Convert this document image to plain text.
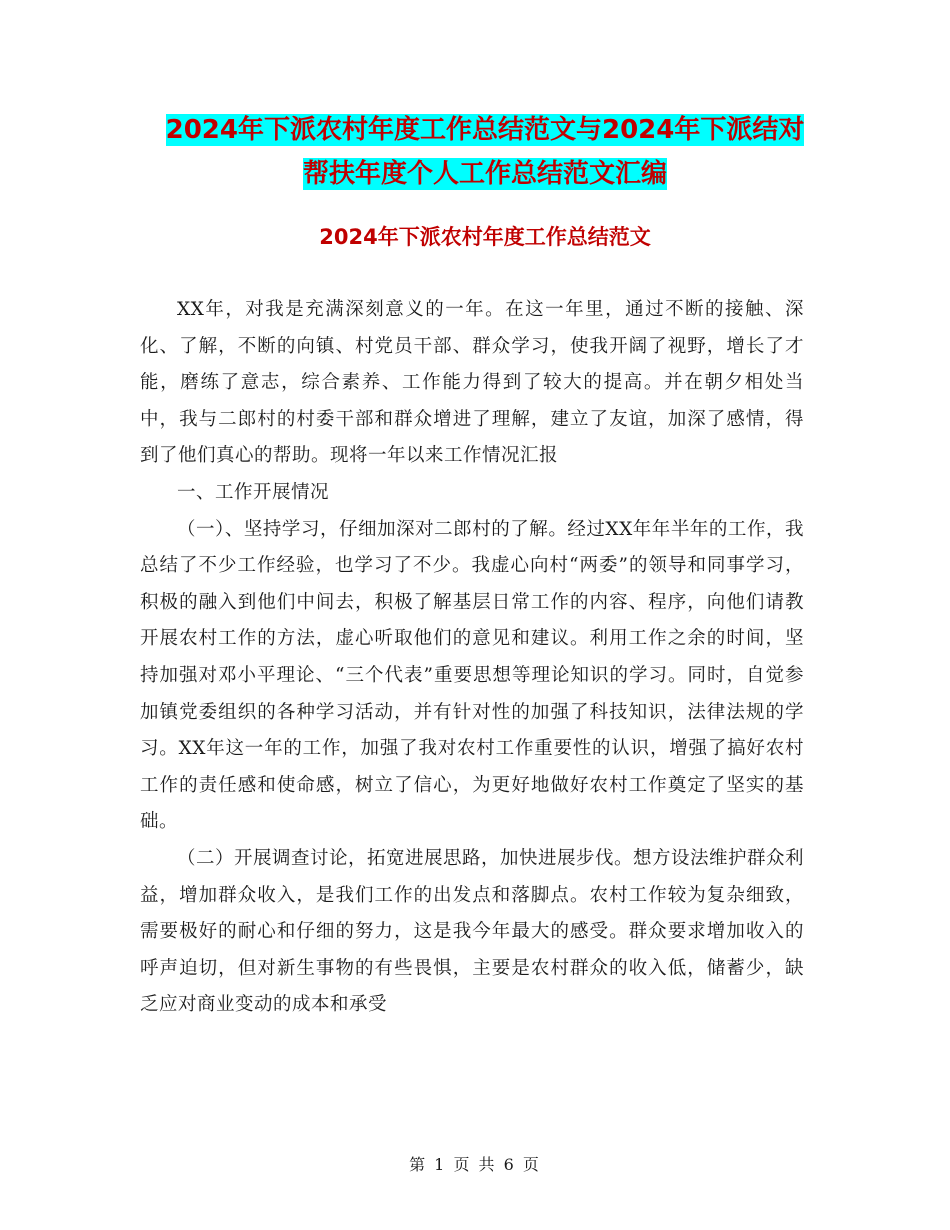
2024年下派农村年度工作总结范文与2024年下派结对
帮扶年度个人工作总结范文汇编
2024年下派农村年度工作总结范文

XX年，对我是充满深刻意义的一年。在这一年里，通过不断的接触、深化、了解，不断的向镇、村党员干部、群众学习，使我开阔了视野，增长了才能，磨练了意志，综合素养、工作能力得到了较大的提高。并在朝夕相处当中，我与二郎村的村委干部和群众增进了理解，建立了友谊，加深了感情，得到了他们真心的帮助。现将一年以来工作情况汇报

一、工作开展情况

（一）、坚持学习，仔细加深对二郎村的了解。经过XX年年半年的工作，我总结了不少工作经验，也学习了不少。我虚心向村“两委”的领导和同事学习，积极的融入到他们中间去，积极了解基层日常工作的内容、程序，向他们请教开展农村工作的方法，虚心听取他们的意见和建议。利用工作之余的时间，坚持加强对邓小平理论、“三个代表”重要思想等理论知识的学习。同时，自觉参加镇党委组织的各种学习活动，并有针对性的加强了科技知识，法律法规的学习。XX年这一年的工作，加强了我对农村工作重要性的认识，增强了搞好农村工作的责任感和使命感，树立了信心，为更好地做好农村工作奠定了坚实的基础。

（二）开展调查讨论，拓宽进展思路，加快进展步伐。想方设法维护群众利益，增加群众收入，是我们工作的出发点和落脚点。农村工作较为复杂细致，需要极好的耐心和仔细的努力，这是我今年最大的感受。群众要求增加收入的呼声迫切，但对新生事物的有些畏惧，主要是农村群众的收入低，储蓄少，缺乏应对商业变动的成本和承受

第 1 页 共 6 页
